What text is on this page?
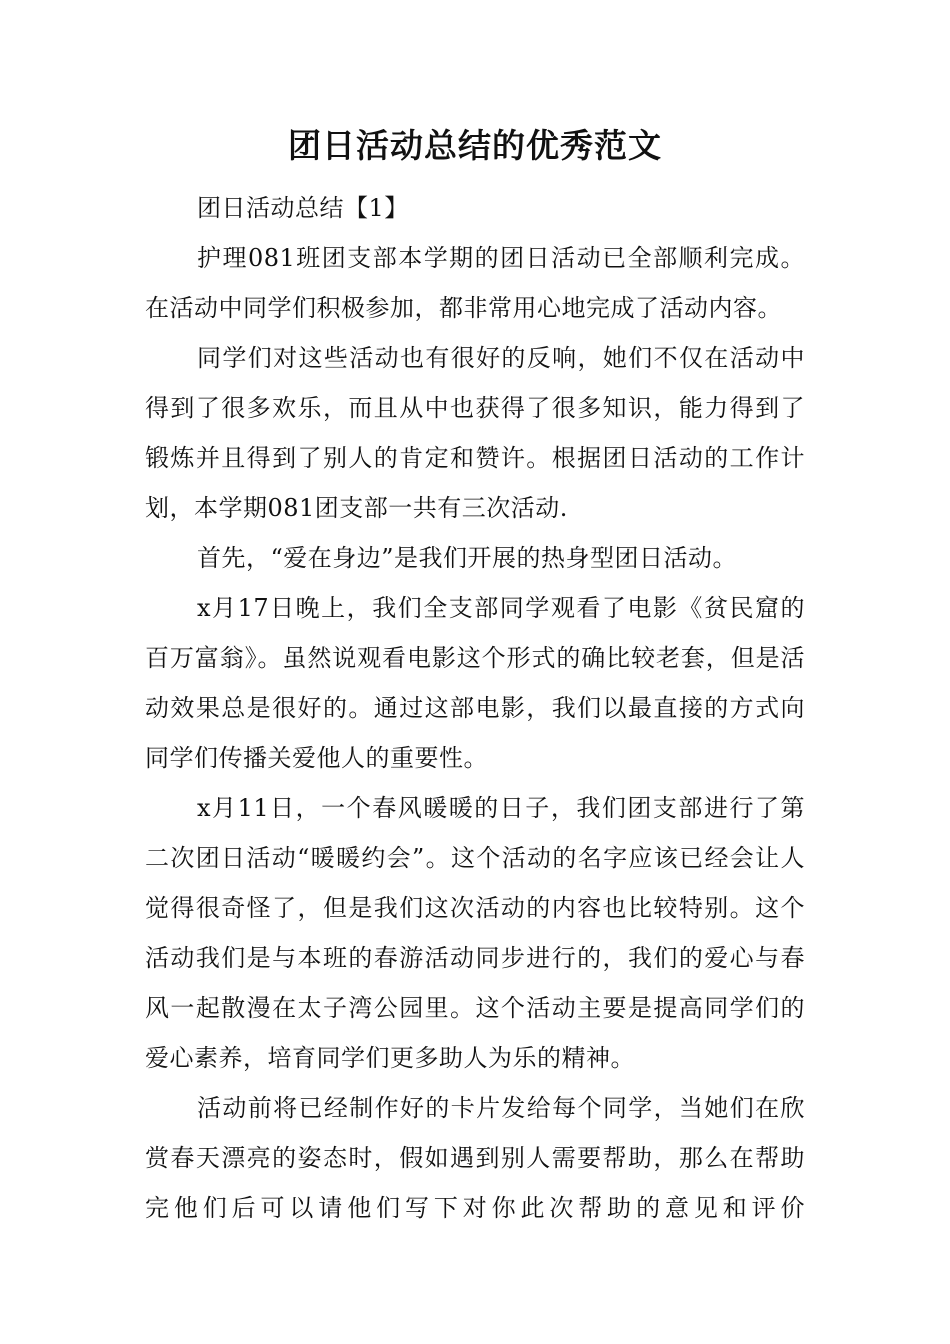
团日活动总结的优秀范文

团日活动总结【1】

护理081班团支部本学期的团日活动已全部顺利完成。在活动中同学们积极参加，都非常用心地完成了活动内容。

同学们对这些活动也有很好的反响，她们不仅在活动中得到了很多欢乐，而且从中也获得了很多知识，能力得到了锻炼并且得到了别人的肯定和赞许。根据团日活动的工作计划，本学期081团支部一共有三次活动.

首先，“爱在身边”是我们开展的热身型团日活动。

x月17日晚上，我们全支部同学观看了电影《贫民窟的百万富翁》。虽然说观看电影这个形式的确比较老套，但是活动效果总是很好的。通过这部电影，我们以最直接的方式向同学们传播关爱他人的重要性。

x月11日，一个春风暖暖的日子，我们团支部进行了第二次团日活动“暖暖约会”。这个活动的名字应该已经会让人觉得很奇怪了，但是我们这次活动的内容也比较特别。这个活动我们是与本班的春游活动同步进行的，我们的爱心与春风一起散漫在太子湾公园里。这个活动主要是提高同学们的爱心素养，培育同学们更多助人为乐的精神。

活动前将已经制作好的卡片发给每个同学，当她们在欣赏春天漂亮的姿态时，假如遇到别人需要帮助，那么在帮助完他们后可以请他们写下对你此次帮助的意见和评价
